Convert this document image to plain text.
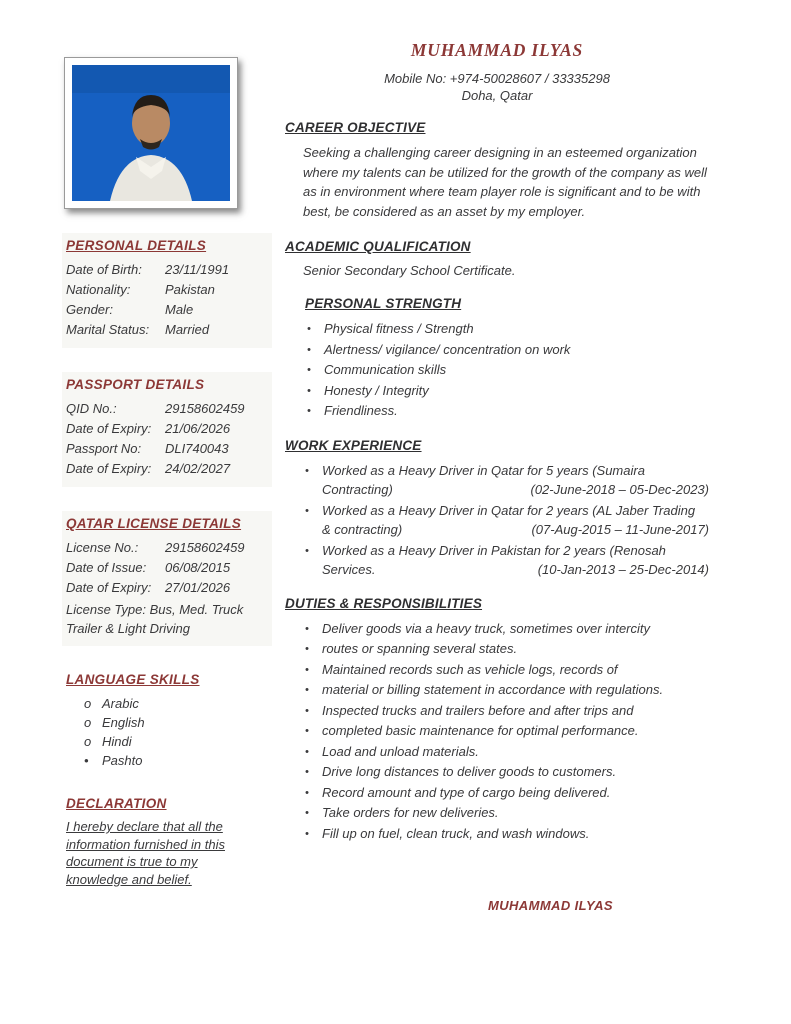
PERSONAL DETAILS
Date of Birth:	23/11/1991
Nationality:	Pakistan
Gender:	Male
Marital Status:	Married
PASSPORT DETAILS
QID No.:	29158602459
Date of Expiry:	21/06/2026
Passport No:	DLI740043
Date of Expiry:	24/02/2027
QATAR LICENSE DETAILS
License No.:	29158602459
Date of Issue:	06/08/2015
Date of Expiry:	27/01/2026
License Type: Bus, Med. Truck Trailer & Light Driving
LANGUAGE SKILLS
o Arabic
o English
o Hindi
•	Pashto
DECLARATION
I hereby declare that all the information furnished in this document is true to my knowledge and belief.
MUHAMMAD ILYAS
Mobile No: +974-50028607 / 33335298
Doha, Qatar
CAREER OBJECTIVE
Seeking a challenging career designing in an esteemed organization where my talents can be utilized for the growth of the company as well as in environment where team player role is significant and to be with best, be considered as an asset by my employer.
ACADEMIC QUALIFICATION
Senior Secondary School Certificate.
PERSONAL STRENGTH
•	Physical fitness / Strength
•	Alertness/ vigilance/ concentration on work
•	Communication skills
•	Honesty / Integrity
•	Friendliness.
WORK EXPERIENCE
•	Worked as a Heavy Driver in Qatar for 5 years (Sumaira
Contracting)	(02-June-2018 – 05-Dec-2023)
•	Worked as a Heavy Driver in Qatar for 2 years (AL Jaber Trading
& contracting)	(07-Aug-2015 – 11-June-2017)
•	Worked as a Heavy Driver in Pakistan for 2 years (Renosah
Services.	(10-Jan-2013 – 25-Dec-2014)
DUTIES & RESPONSIBILITIES
•	Deliver goods via a heavy truck, sometimes over intercity
•	routes or spanning several states.
•	Maintained records such as vehicle logs, records of
•	material or billing statement in accordance with regulations.
•	Inspected trucks and trailers before and after trips and
•	completed basic maintenance for optimal performance.
•	Load and unload materials.
•	Drive long distances to deliver goods to customers.
•	Record amount and type of cargo being delivered.
•	Take orders for new deliveries.
•	Fill up on fuel, clean truck, and wash windows.
MUHAMMAD ILYAS
